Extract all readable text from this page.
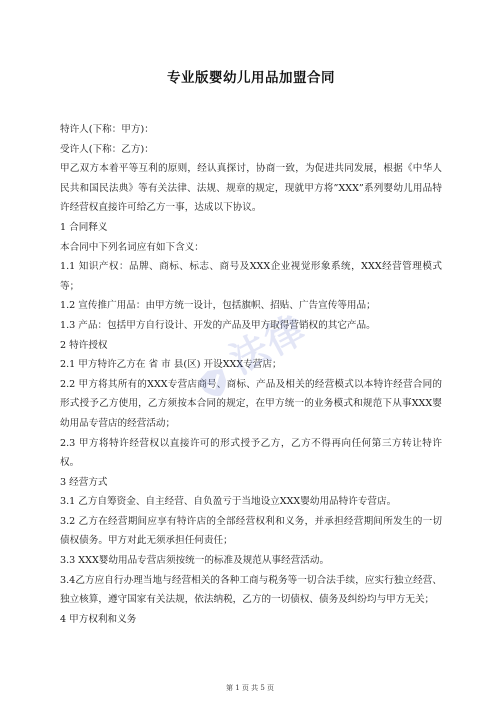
专业版婴幼儿用品加盟合同

特许人(下称：甲方)：

受许人(下称：乙方)：

甲乙双方本着平等互利的原则，经认真探讨，协商一致，为促进共同发展，根据《中华人民共和国民法典》等有关法律、法规、规章的规定，现就甲方将”XXX”系列婴幼儿用品特许经营权直接许可给乙方一事，达成以下协议。

1 合同释义

本合同中下列名词应有如下含义：

1.1 知识产权：品牌、商标、标志、商号及XXX企业视觉形象系统，XXX经营管理模式等；

1.2 宣传推广用品：由甲方统一设计，包括旗帜、招贴、广告宣传等用品；

1.3 产品：包括甲方自行设计、开发的产品及甲方取得营销权的其它产品。

2 特许授权

2.1 甲方特许乙方在 省 市 县(区) 开设XXX专营店；

2.2 甲方将其所有的XXX专营店商号、商标、产品及相关的经营模式以本特许经营合同的形式授予乙方使用，乙方须按本合同的规定，在甲方统一的业务模式和规范下从事XXX婴幼用品专营店的经营活动；

2.3 甲方将特许经营权以直接许可的形式授予乙方，乙方不得再向任何第三方转让特许权。

3 经营方式

3.1 乙方自筹资金、自主经营、自负盈亏于当地设立XXX婴幼用品特许专营店。

3.2 乙方在经营期间应享有特许店的全部经营权利和义务，并承担经营期间所发生的一切债权债务。甲方对此无须承担任何责任；

3.3 XXX婴幼用品专营店须按统一的标准及规范从事经营活动。

3.4乙方应自行办理当地与经营相关的各种工商与税务等一切合法手续，应实行独立经营、 独立核算，遵守国家有关法规，依法纳税，乙方的一切债权、债务及纠纷均与甲方无关；

4 甲方权利和义务

法律
第 1 页 共 5 页
